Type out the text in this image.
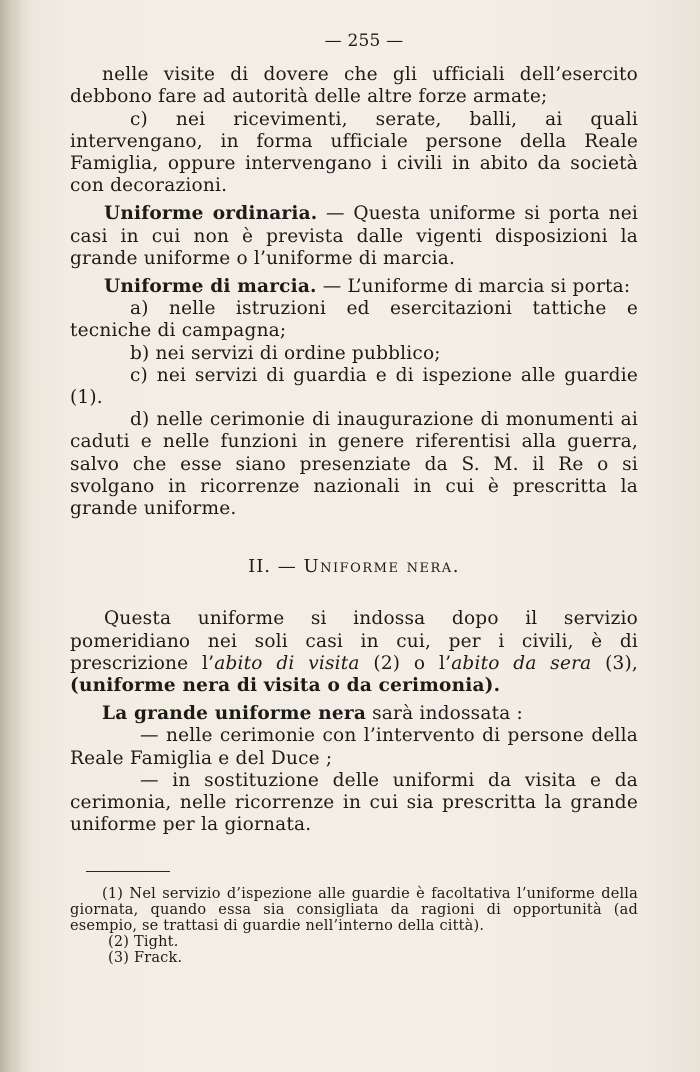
— 255 —

nelle visite di dovere che gli ufficiali dell’esercito debbono fare ad autorità delle altre forze armate;

c) nei ricevimenti, serate, balli, ai quali intervengano, in forma ufficiale persone della Reale Famiglia, oppure intervengano i civili in abito da società con decorazioni.

Uniforme ordinaria. — Questa uniforme si porta nei casi in cui non è prevista dalle vigenti disposizioni la grande uniforme o l’uniforme di marcia.

Uniforme di marcia. — L’uniforme di marcia si porta:

a) nelle istruzioni ed esercitazioni tattiche e tecniche di campagna;

b) nei servizi di ordine pubblico;

c) nei servizi di guardia e di ispezione alle guardie (1).

d) nelle cerimonie di inaugurazione di monumenti ai caduti e nelle funzioni in genere riferentisi alla guerra, salvo che esse siano presenziate da S. M. il Re o si svolgano in ricorrenze nazionali in cui è prescritta la grande uniforme.

II. — Uniforme nera.

Questa uniforme si indossa dopo il servizio pomeridiano nei soli casi in cui, per i civili, è di prescrizione l’abito di visita (2) o l’abito da sera (3), (uniforme nera di visita o da cerimonia).

La grande uniforme nera sarà indossata :

— nelle cerimonie con l’intervento di persone della Reale Famiglia e del Duce ;

— in sostituzione delle uniformi da visita e da cerimonia, nelle ricorrenze in cui sia prescritta la grande uniforme per la giornata.

(1) Nel servizio d’ispezione alle guardie è facoltativa l’uniforme della giornata, quando essa sia consigliata da ragioni di opportunità (ad esempio, se trattasi di guardie nell’interno della città).

(2) Tight.

(3) Frack.
